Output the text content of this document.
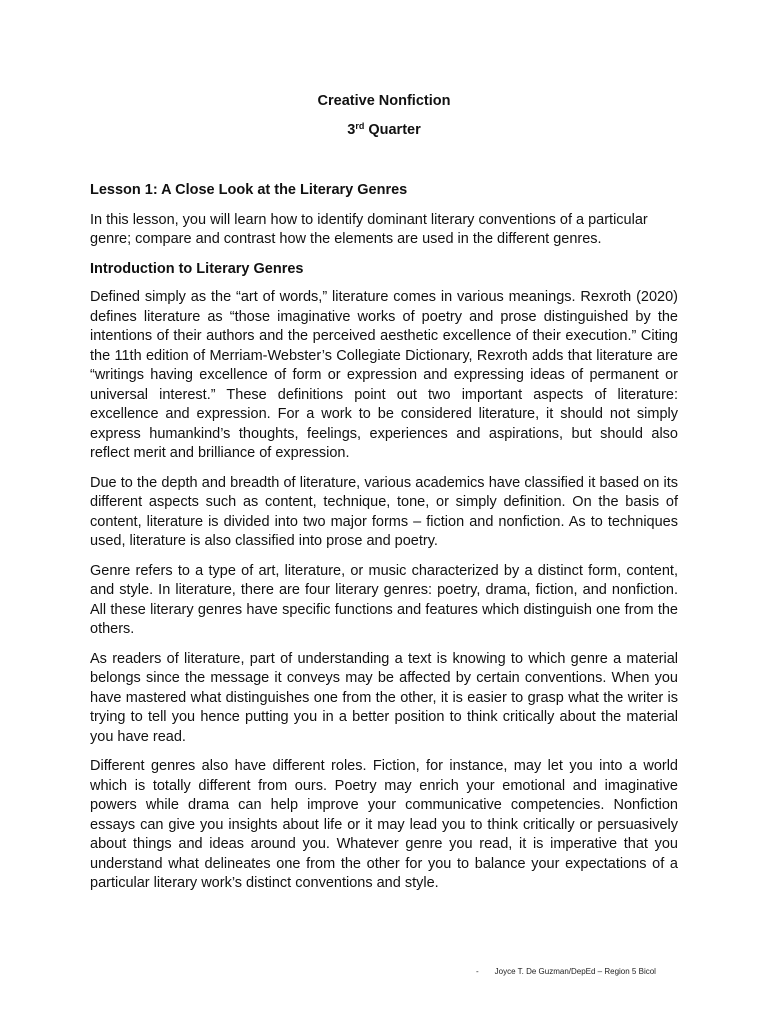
Creative Nonfiction
3rd Quarter
Lesson 1: A Close Look at the Literary Genres

In this lesson, you will learn how to identify dominant literary conventions of a particular genre; compare and contrast how the elements are used in the different genres.

Introduction to Literary Genres

Defined simply as the “art of words,” literature comes in various meanings. Rexroth (2020) defines literature as “those imaginative works of poetry and prose distinguished by the intentions of their authors and the perceived aesthetic excellence of their execution.” Citing the 11th edition of Merriam-Webster’s Collegiate Dictionary, Rexroth adds that literature are “writings having excellence of form or expression and expressing ideas of permanent or universal interest.” These definitions point out two important aspects of literature: excellence and expression. For a work to be considered literature, it should not simply express humankind’s thoughts, feelings, experiences and aspirations, but should also reflect merit and brilliance of expression.

Due to the depth and breadth of literature, various academics have classified it based on its different aspects such as content, technique, tone, or simply definition. On the basis of content, literature is divided into two major forms – fiction and nonfiction. As to techniques used, literature is also classified into prose and poetry.

Genre refers to a type of art, literature, or music characterized by a distinct form, content, and style. In literature, there are four literary genres: poetry, drama, fiction, and nonfiction. All these literary genres have specific functions and features which distinguish one from the others.

As readers of literature, part of understanding a text is knowing to which genre a material belongs since the message it conveys may be affected by certain conventions. When you have mastered what distinguishes one from the other, it is easier to grasp what the writer is trying to tell you hence putting you in a better position to think critically about the material you have read.

Different genres also have different roles. Fiction, for instance, may let you into a world which is totally different from ours. Poetry may enrich your emotional and imaginative powers while drama can help improve your communicative competencies. Nonfiction essays can give you insights about life or it may lead you to think critically or persuasively about things and ideas around you. Whatever genre you read, it is imperative that you understand what delineates one from the other for you to balance your expectations of a particular literary work’s distinct conventions and style.

- Joyce T. De Guzman/DepEd – Region 5 Bicol
